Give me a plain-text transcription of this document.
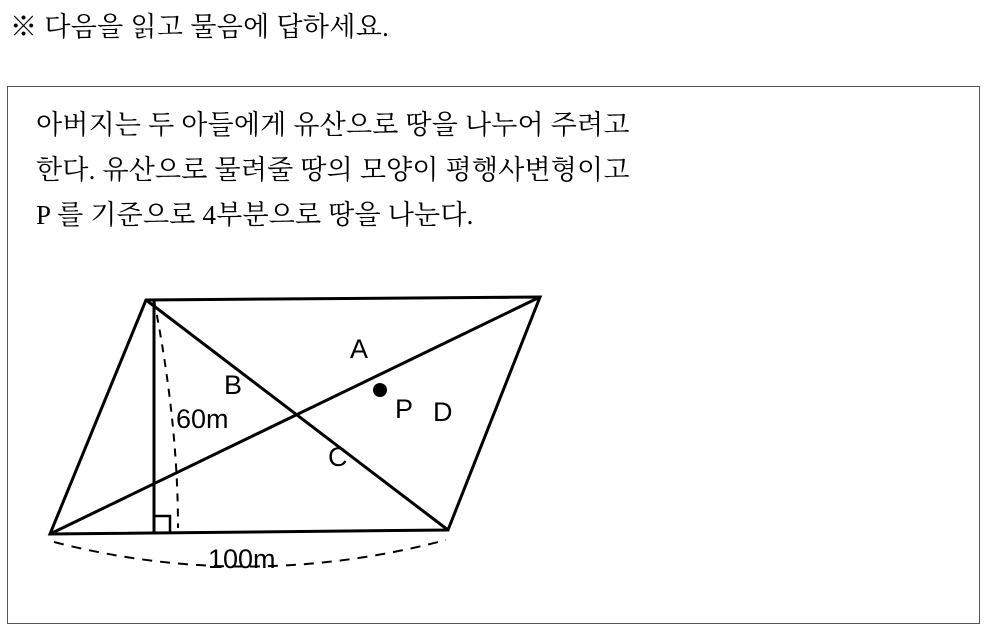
※ 다음을 읽고 물음에 답하세요.
아버지는 두 아들에게 유산으로 땅을 나누어 주려고
한다. 유산으로 물려줄 땅의 모양이 평행사변형이고
P 를 기준으로 4부분으로 땅을 나눈다.
A
B
C
D
P
60m
100m
